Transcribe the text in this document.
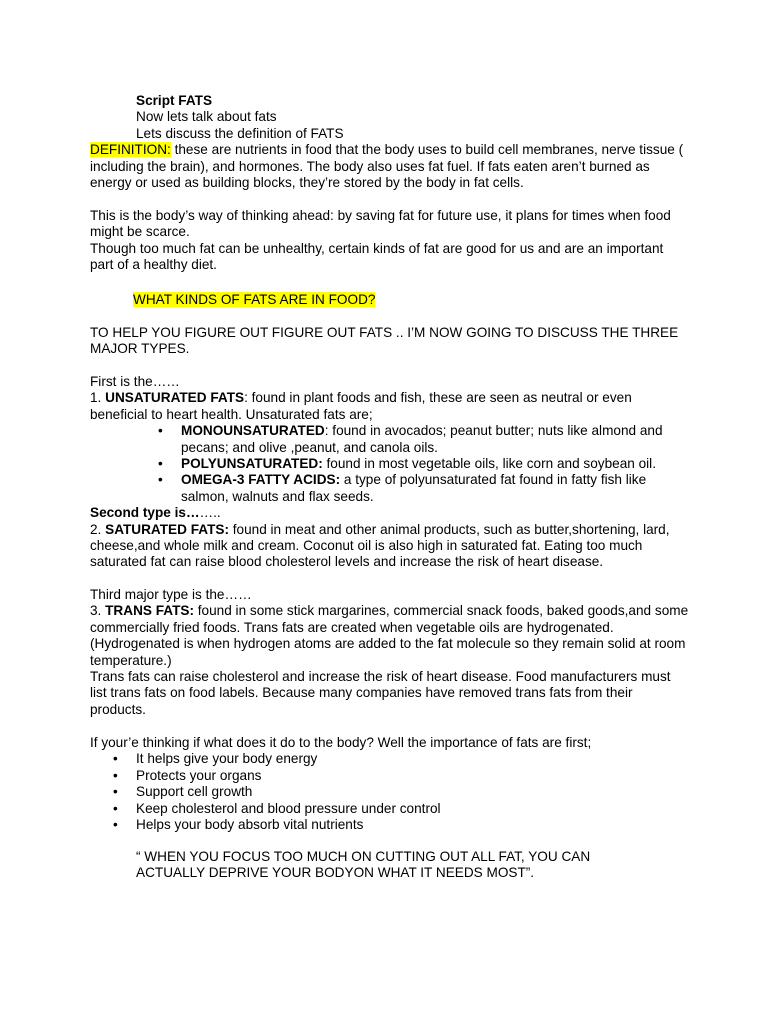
Script FATS

Now lets talk about fats

Lets discuss the definition of FATS

DEFINITION: these are nutrients in food that the body uses to build cell membranes, nerve tissue ( including the brain), and hormones. The body also uses fat fuel. If fats eaten aren’t burned as energy or used as building blocks, they’re stored by the body in fat cells.

This is the body’s way of thinking ahead: by saving fat for future use, it plans for times when food might be scarce.

Though too much fat can be unhealthy, certain kinds of fat are good for us and are an important part of a healthy diet.

WHAT KINDS OF FATS ARE IN FOOD?
TO HELP YOU FIGURE OUT FIGURE OUT FATS .. I’M NOW GOING TO DISCUSS THE THREE MAJOR TYPES.

First is the……

1. UNSATURATED FATS: found in plant foods and fish, these are seen as neutral or even beneficial to heart health. Unsaturated fats are;

• MONOUNSATURATED: found in avocados; peanut butter; nuts like almond and pecans; and olive ,peanut, and canola oils.
• POLYUNSATURATED: found in most vegetable oils, like corn and soybean oil.
• OMEGA-3 FATTY ACIDS: a type of polyunsaturated fat found in fatty fish like salmon, walnuts and flax seeds.

Second type is……..

2. SATURATED FATS: found in meat and other animal products, such as butter,shortening, lard, cheese,and whole milk and cream. Coconut oil is also high in saturated fat. Eating too much saturated fat can raise blood cholesterol levels and increase the risk of heart disease.

Third major type is the……

3. TRANS FATS: found in some stick margarines, commercial snack foods, baked goods,and some commercially fried foods. Trans fats are created when vegetable oils are hydrogenated. (Hydrogenated is when hydrogen atoms are added to the fat molecule so they remain solid at room temperature.)

Trans fats can raise cholesterol and increase the risk of heart disease. Food manufacturers must list trans fats on food labels. Because many companies have removed trans fats from their products.

If your’e thinking if what does it do to the body? Well the importance of fats are first;

• It helps give your body energy
• Protects your organs
• Support cell growth
• Keep cholesterol and blood pressure under control
• Helps your body absorb vital nutrients
“ WHEN YOU FOCUS TOO MUCH ON CUTTING OUT ALL FAT, YOU CAN ACTUALLY DEPRIVE YOUR BODYON WHAT IT NEEDS MOST”.
